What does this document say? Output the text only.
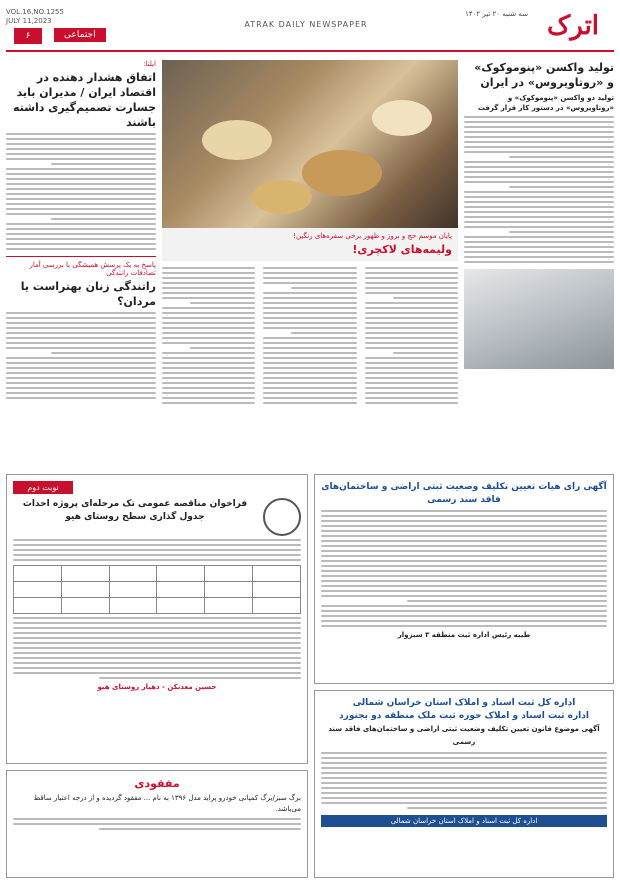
اترک
سه شنبه ۲۰ تیر ۱۴۰۲
ATRAK DAILY NEWSPAPER
VOL.16,NO.1255
JULY 11,2023
اجتماعی
۶
تولید واکسن «پنوموکوک» و «روتاویروس» در ایران
تولید دو واکسن «پنوموکوک» و «روتاویروس» در دستور کار قرار گرفت
پایان موسم حج و بروز و ظهور برخی سفره‌های رنگین!
ولیمه‌های لاکچری!
ایلنا:
اتفاق هشدار دهنده در اقتصاد ایران / مدیران باید جسارت تصمیم‌گیری داشته باشند
پاسخ به یک پرسش همیشگی با بررسی آمار تصادفات رانندگی
راتندگی زنان بهتراست یا مردان؟
آگهی رای هیات تعیین تکلیف وضعیت ثبتی اراضی و ساختمان‌های فاقد سند رسمی
طیبه رئیس اداره ثبت منطقه ۳ سبزوار
نوبت دوم
فراخوان مناقصه عمومی تک مرحله‌ای پروژه احداث جدول گذاری سطح روستای هیو

حسین معدنکن - دهیار روستای هیو
اداره کل ثبت اسناد و املاک استان خراسان شمالی
اداره ثبت اسناد و املاک حوزه ثبت ملک منطقه دو بجنورد
آگهی موضوع قانون تعیین تکلیف وضعیت ثبتی اراضی و ساختمان‌های فاقد سند رسمی
اداره کل ثبت اسناد و املاک استان خراسان شمالی
مفقودی
برگ سبز/برگ کمپانی خودرو پراید مدل ۱۳۹۶ به نام ... مفقود گردیده و از درجه اعتبار ساقط می‌باشد.
